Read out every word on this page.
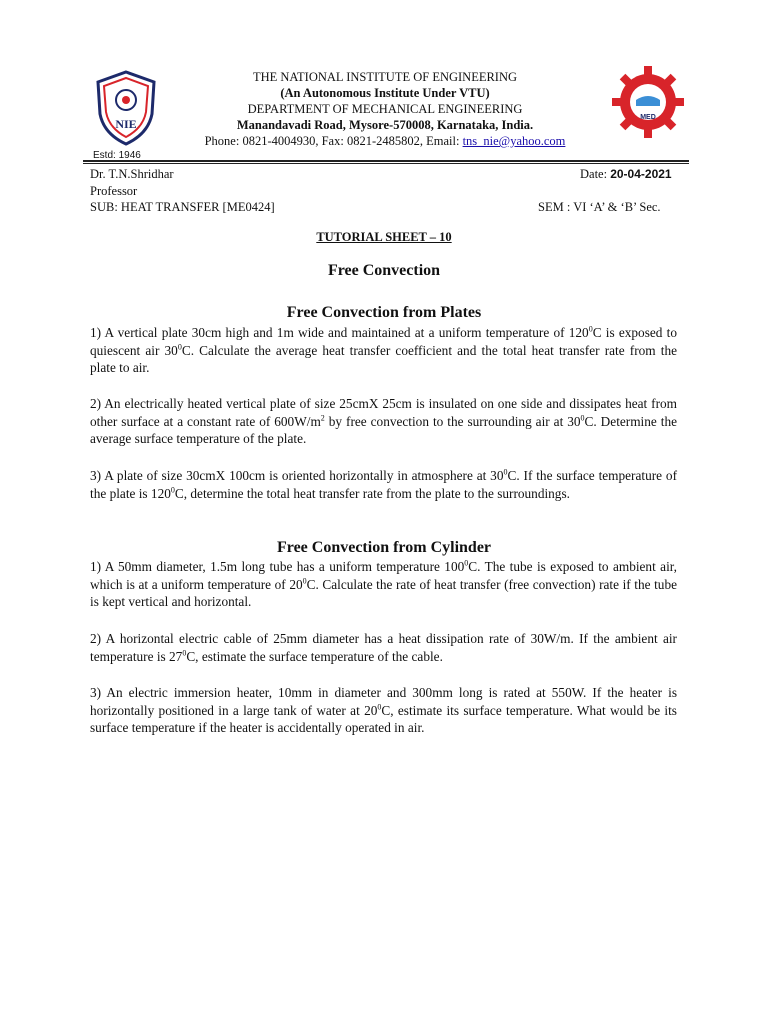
NIE
Estd: 1946
MED
THE NATIONAL INSTITUTE OF ENGINEERING
(An Autonomous Institute Under VTU)
DEPARTMENT OF MECHANICAL ENGINEERING
Manandavadi Road, Mysore-570008, Karnataka, India.
Phone: 0821-4004930, Fax: 0821-2485802, Email: tns_nie@yahoo.com
Dr. T.N.Shridhar
Professor
Date: 20-04-2021
SUB: HEAT TRANSFER [ME0424]	SEM : VI ‘A’ & ‘B’ Sec.
TUTORIAL SHEET – 10
Free Convection
Free Convection from Plates
1) A vertical plate 30cm high and 1m wide and maintained at a uniform temperature of $120^0C$ is exposed to quiescent air $30^0C$. Calculate the average heat transfer coefficient and the total heat transfer rate from the plate to air.
2) An electrically heated vertical plate of size 25cmX 25cm is insulated on one side and dissipates heat from other surface at a constant rate of $600W/m^2$ by free convection to the surrounding air at $30^0C$. Determine the average surface temperature of the plate.
3) A plate of size 30cmX 100cm is oriented horizontally in atmosphere at $30^0C$. If the surface temperature of the plate is $120^0C$, determine the total heat transfer rate from the plate to the surroundings.
Free Convection from Cylinder
1) A 50mm diameter, 1.5m long tube has a uniform temperature $100^0C$. The tube is exposed to ambient air, which is at a uniform temperature of $20^0C$. Calculate the rate of heat transfer (free convection) rate if the tube is kept vertical and horizontal.
2) A horizontal electric cable of 25mm diameter has a heat dissipation rate of 30W/m. If the ambient air temperature is $27^0C$, estimate the surface temperature of the cable.
3) An electric immersion heater, 10mm in diameter and 300mm long is rated at 550W. If the heater is horizontally positioned in a large tank of water at $20^0C$, estimate its surface temperature. What would be its surface temperature if the heater is accidentally operated in air.
